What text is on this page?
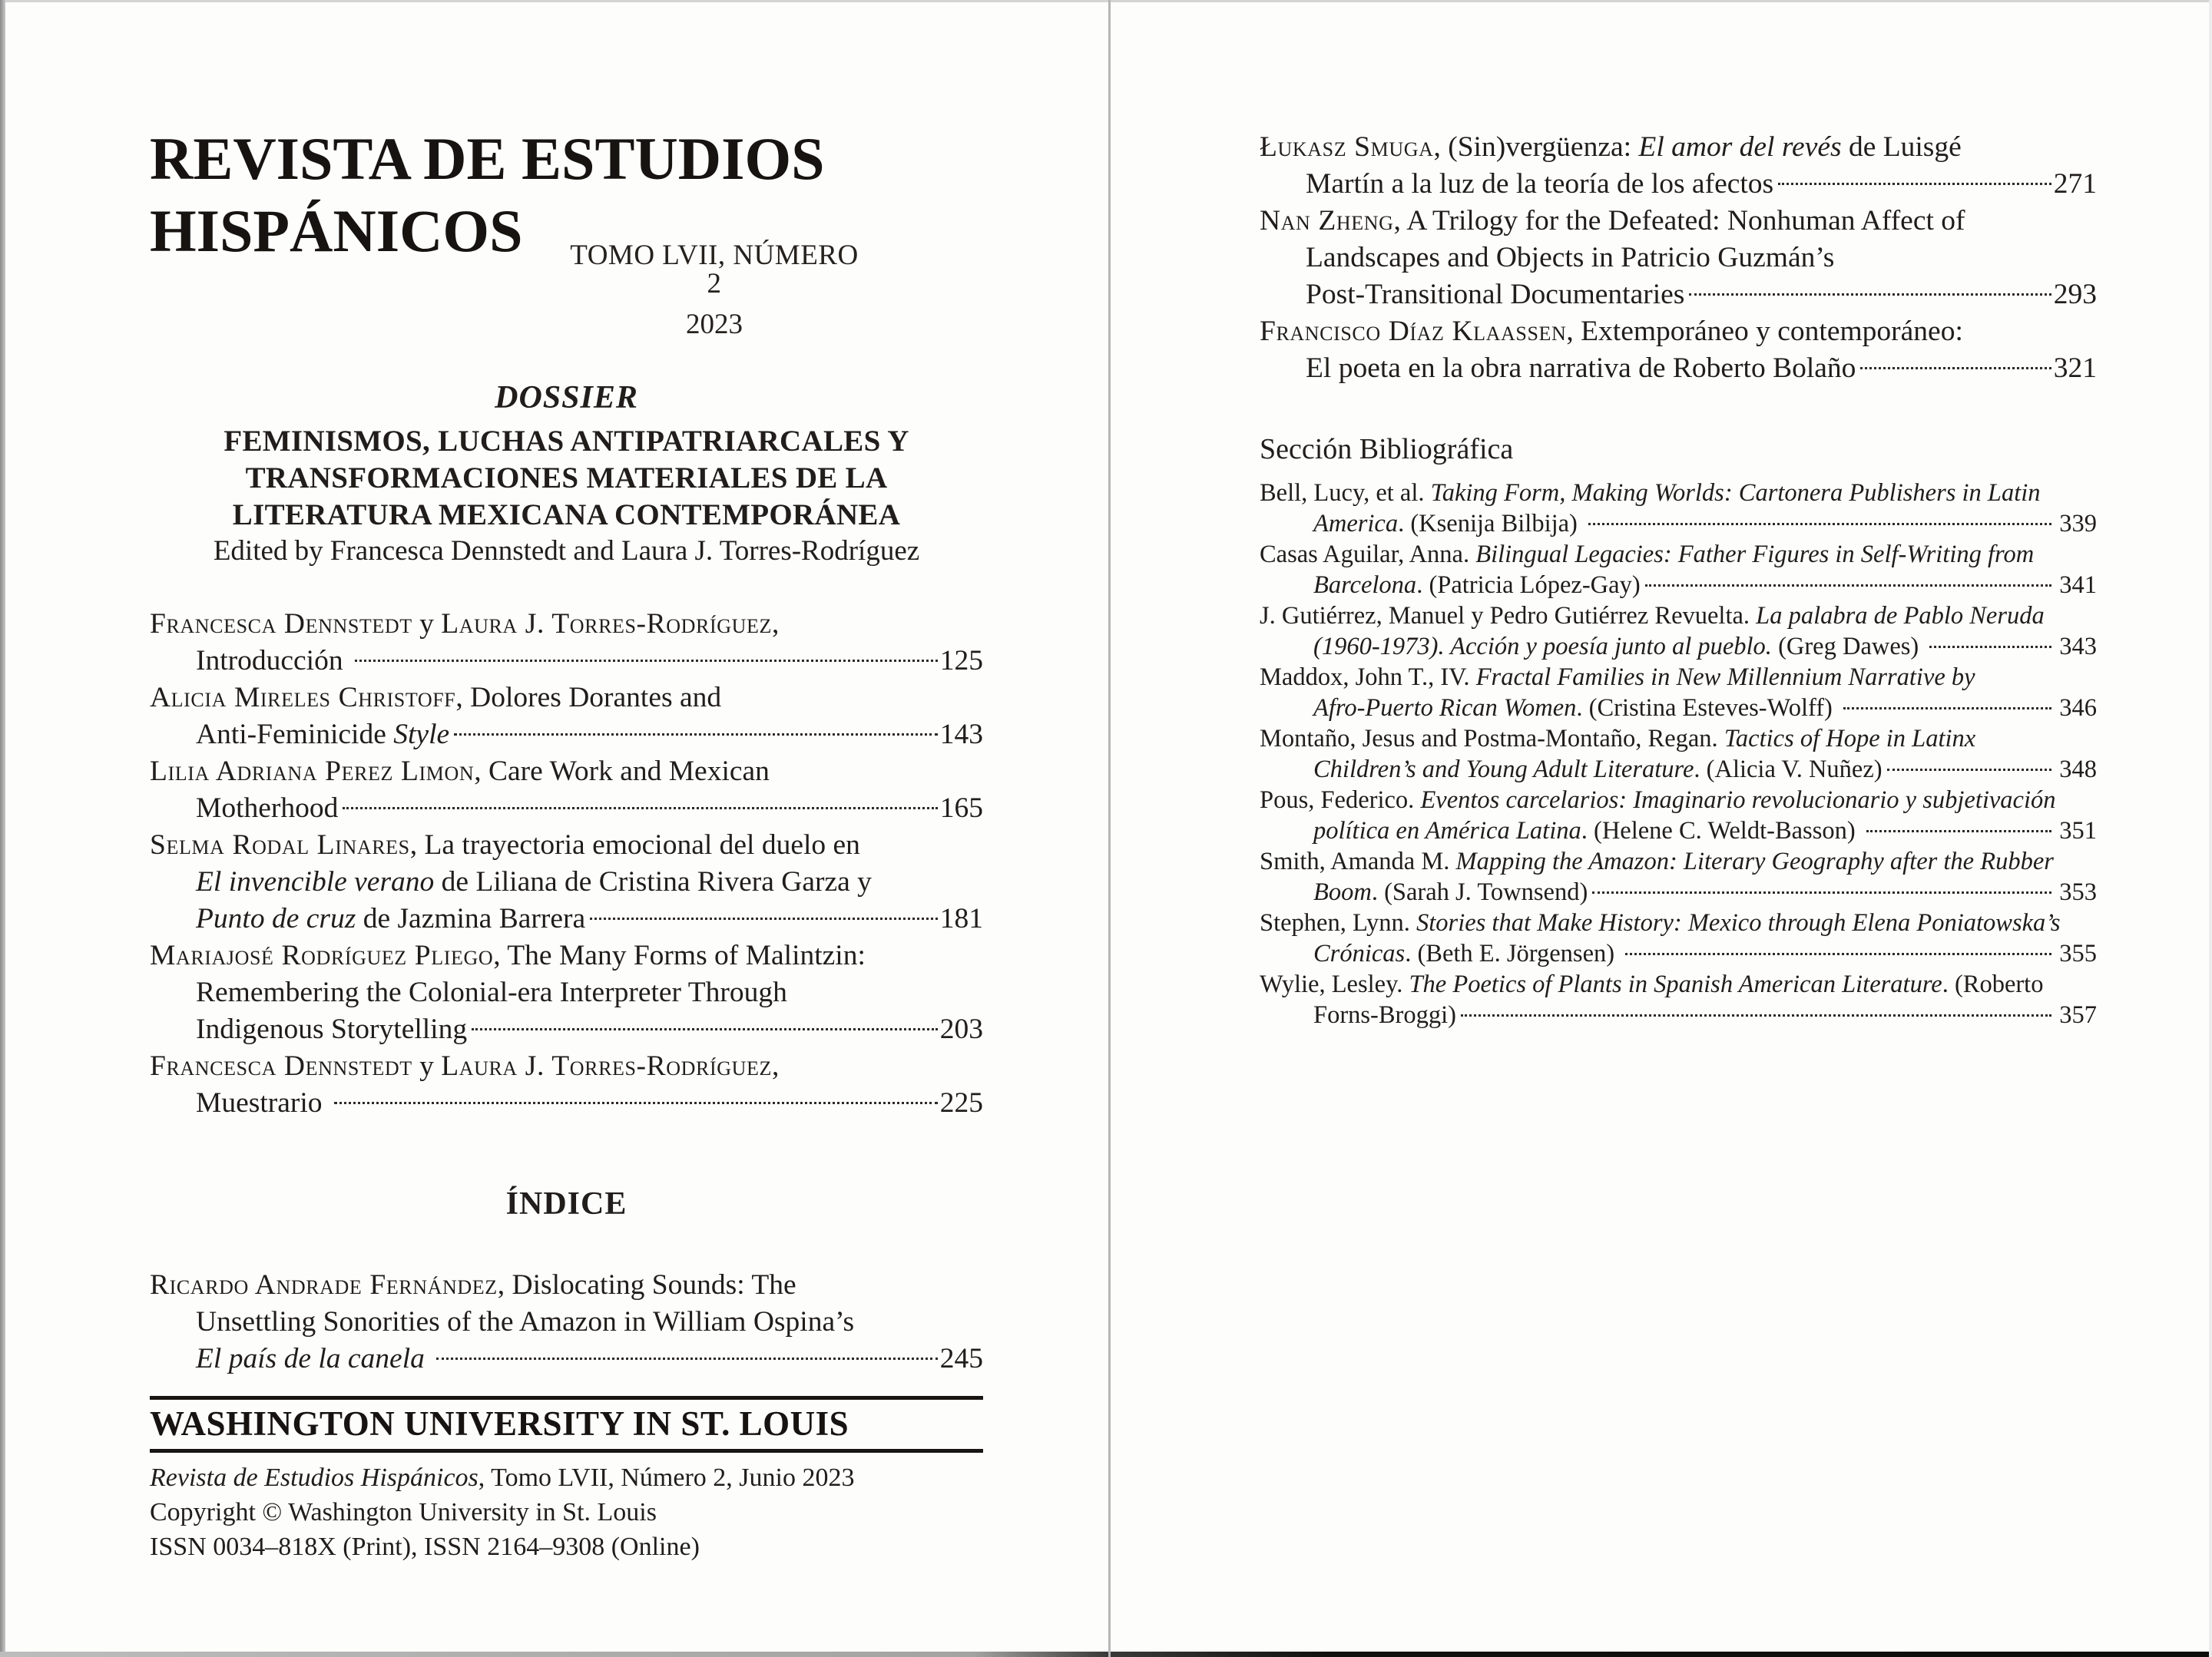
REVISTA DE ESTUDIOS
HISPÁNICOS TOMO LVII, NÚMERO 2
2023
DOSSIER
FEMINISMOS, LUCHAS ANTIPATRIARCALES Y
TRANSFORMACIONES MATERIALES DE LA
LITERATURA MEXICANA CONTEMPORÁNEA
Edited by Francesca Dennstedt and Laura J. Torres-Rodríguez
Francesca Dennstedt y Laura J. Torres-Rodríguez,
Introducción	125
Alicia Mireles Christoff, Dolores Dorantes and
Anti-Feminicide Style	143
Lilia Adriana Perez Limon, Care Work and Mexican
Motherhood	165
Selma Rodal Linares, La trayectoria emocional del duelo en
El invencible verano de Liliana de Cristina Rivera Garza y
Punto de cruz de Jazmina Barrera	181
Mariajosé Rodríguez Pliego, The Many Forms of Malintzin:
Remembering the Colonial-era Interpreter Through
Indigenous Storytelling	203
Francesca Dennstedt y Laura J. Torres-Rodríguez,
Muestrario	225
ÍNDICE
Ricardo Andrade Fernández, Dislocating Sounds: The
Unsettling Sonorities of the Amazon in William Ospina’s
El país de la canela	245
WASHINGTON UNIVERSITY IN ST. LOUIS
Revista de Estudios Hispánicos, Tomo LVII, Número 2, Junio 2023
Copyright © Washington University in St. Louis
ISSN 0034–818X (Print), ISSN 2164–9308 (Online)
Łukasz Smuga, (Sin)vergüenza: El amor del revés de Luisgé
Martín a la luz de la teoría de los afectos	271
Nan Zheng, A Trilogy for the Defeated: Nonhuman Affect of
Landscapes and Objects in Patricio Guzmán’s
Post-Transitional Documentaries	293
Francisco Díaz Klaassen, Extemporáneo y contemporáneo:
El poeta en la obra narrativa de Roberto Bolaño	321
Sección Bibliográfica
Bell, Lucy, et al. Taking Form, Making Worlds: Cartonera Publishers in Latin
America. (Ksenija Bilbija)	339
Casas Aguilar, Anna. Bilingual Legacies: Father Figures in Self-Writing from
Barcelona. (Patricia López-Gay)	341
J. Gutiérrez, Manuel y Pedro Gutiérrez Revuelta. La palabra de Pablo Neruda
(1960-1973). Acción y poesía junto al pueblo. (Greg Dawes)	343
Maddox, John T., IV. Fractal Families in New Millennium Narrative by
Afro-Puerto Rican Women. (Cristina Esteves-Wolff)	346
Montaño, Jesus and Postma-Montaño, Regan. Tactics of Hope in Latinx
Children’s and Young Adult Literature. (Alicia V. Nuñez)	348
Pous, Federico. Eventos carcelarios: Imaginario revolucionario y subjetivación
política en América Latina. (Helene C. Weldt-Basson)	351
Smith, Amanda M. Mapping the Amazon: Literary Geography after the Rubber
Boom. (Sarah J. Townsend)	353
Stephen, Lynn. Stories that Make History: Mexico through Elena Poniatowska’s
Crónicas. (Beth E. Jörgensen)	355
Wylie, Lesley. The Poetics of Plants in Spanish American Literature. (Roberto
Forns-Broggi)	357
